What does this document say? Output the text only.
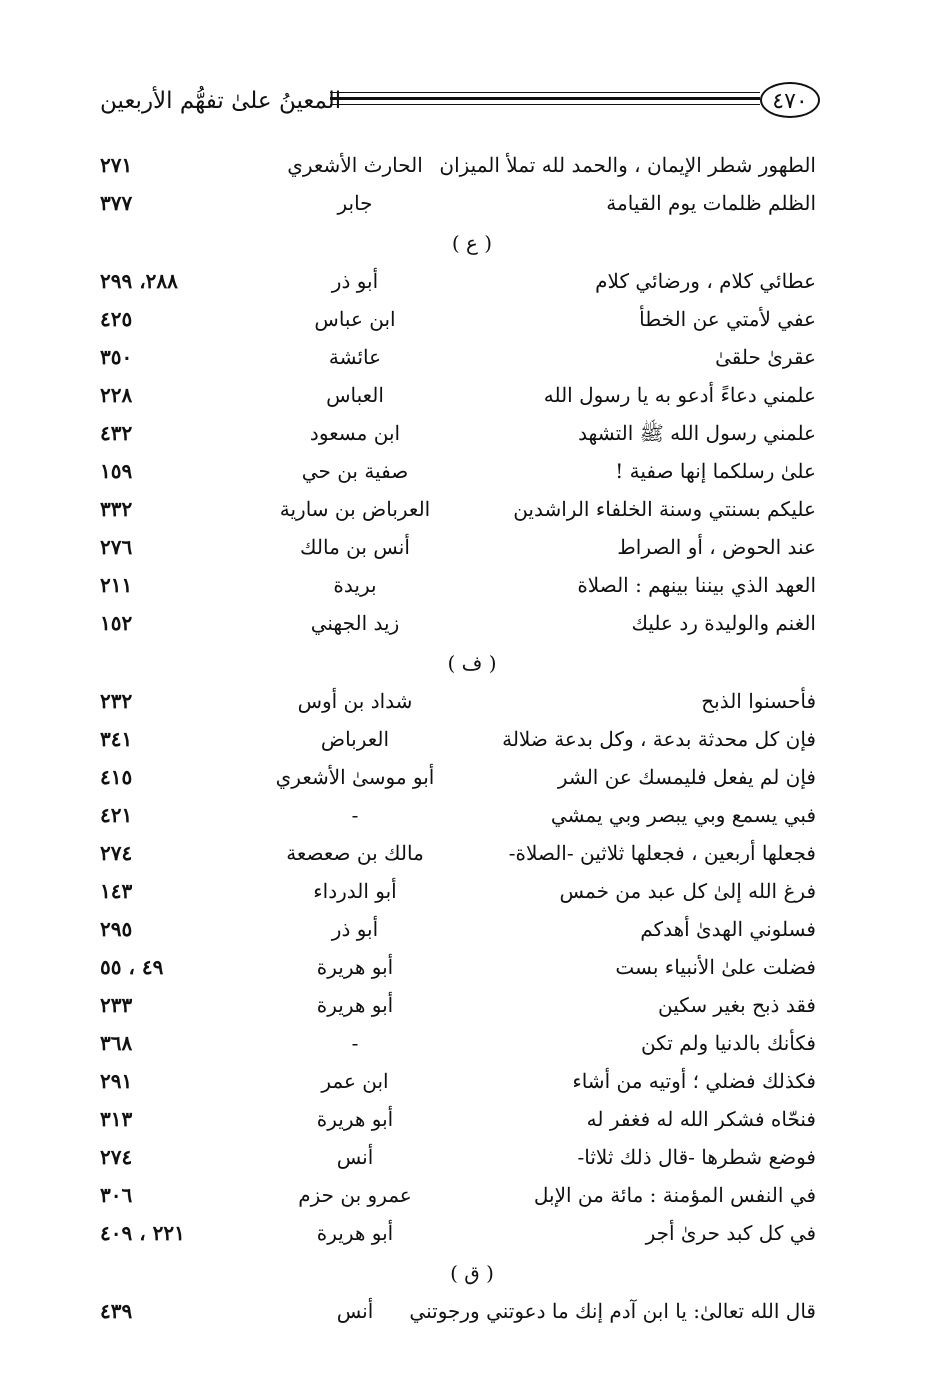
المعينُ علىٰ تفهُّم الأربعين	٤٧٠
الطهور شطر الإيمان ، والحمد لله تملأ الميزان
الحارث الأشعري
٢٧١
الظلم ظلمات يوم القيامة
جابر
٣٧٧
( ع )
عطائي كلام ، ورضائي كلام
أبو ذر
٢٨٨، ٢٩٩
عفي لأمتي عن الخطأ
ابن عباس
٤٢٥
عقرىٰ حلقىٰ
عائشة
٣٥٠
علمني دعاءً أدعو به يا رسول الله
العباس
٢٢٨
علمني رسول الله ﷺ التشهد
ابن مسعود
٤٣٢
علىٰ رسلكما إنها صفية !
صفية بن حي
١٥٩
عليكم بسنتي وسنة الخلفاء الراشدين
العرباض بن سارية
٣٣٢
عند الحوض ، أو الصراط
أنس بن مالك
٢٧٦
العهد الذي بيننا بينهم : الصلاة
بريدة
٢١١
الغنم والوليدة رد عليك
زيد الجهني
١٥٢
( ف )
فأحسنوا الذبح
شداد بن أوس
٢٣٢
فإن كل محدثة بدعة ، وكل بدعة ضلالة
العرباض
٣٤١
فإن لم يفعل فليمسك عن الشر
أبو موسىٰ الأشعري
٤١٥
فبي يسمع وبي يبصر وبي يمشي
-
٤٢١
فجعلها أربعين ، فجعلها ثلاثين -الصلاة-
مالك بن صعصعة
٢٧٤
فرغ الله إلىٰ كل عبد من خمس
أبو الدرداء
١٤٣
فسلوني الهدىٰ أهدكم
أبو ذر
٢٩٥
فضلت علىٰ الأنبياء بست
أبو هريرة
٤٩ ، ٥٥
فقد ذبح بغير سكين
أبو هريرة
٢٣٣
فكأنك بالدنيا ولم تكن
-
٣٦٨
فكذلك فضلي ؛ أوتيه من أشاء
ابن عمر
٢٩١
فنحّاه فشكر الله له فغفر له
أبو هريرة
٣١٣
فوضع شطرها -قال ذلك ثلاثا-
أنس
٢٧٤
في النفس المؤمنة : مائة من الإبل
عمرو بن حزم
٣٠٦
في كل كبد حرىٰ أجر
أبو هريرة
٢٢١ ، ٤٠٩
( ق )
قال الله تعالىٰ: يا ابن آدم إنك ما دعوتني ورجوتني
أنس
٤٣٩
